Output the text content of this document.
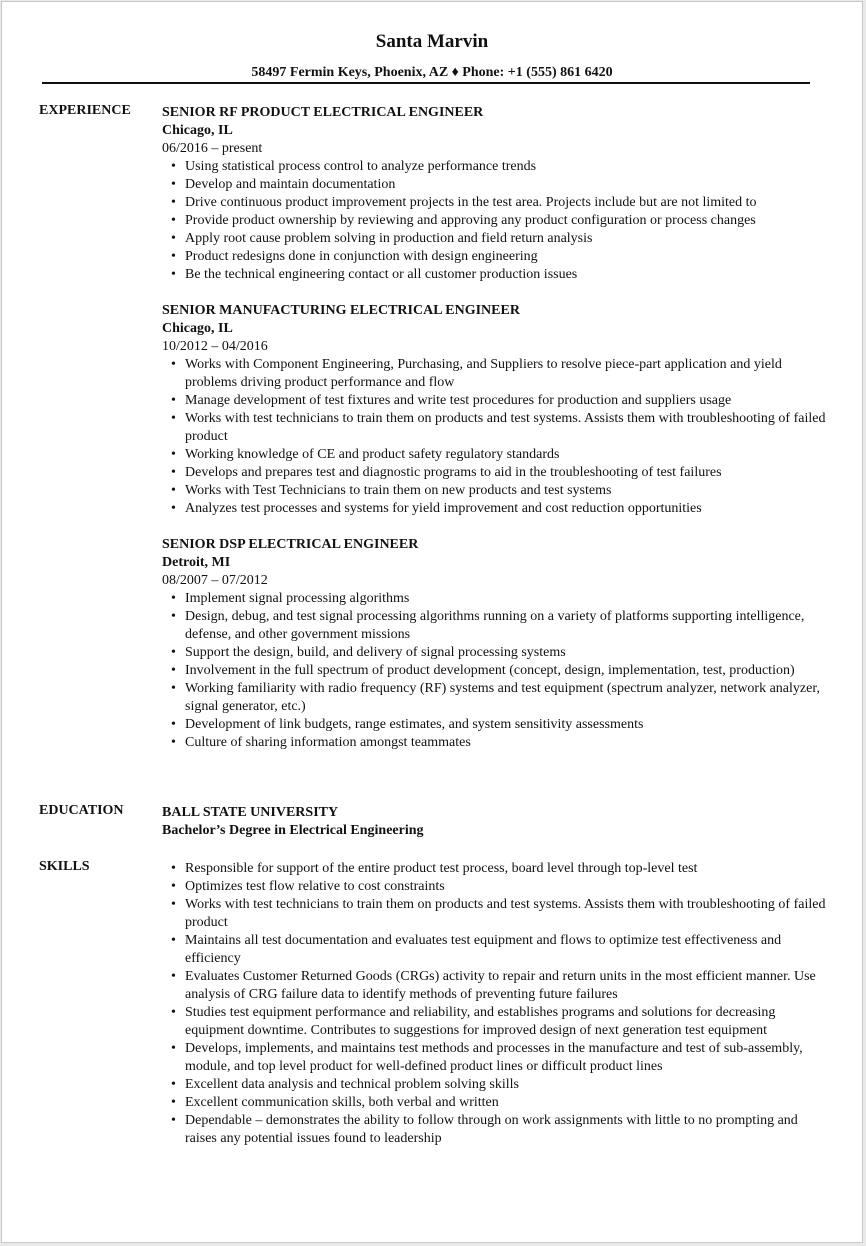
Santa Marvin
58497 Fermin Keys, Phoenix, AZ ♦ Phone: +1 (555) 861 6420
EXPERIENCE SENIOR RF PRODUCT ELECTRICAL ENGINEER

Chicago, IL

06/2016 – present

• Using statistical process control to analyze performance trends
• Develop and maintain documentation
• Drive continuous product improvement projects in the test area. Projects include but are not limited to
• Provide product ownership by reviewing and approving any product configuration or process changes
• Apply root cause problem solving in production and field return analysis
• Product redesigns done in conjunction with design engineering
• Be the technical engineering contact or all customer production issues

SENIOR MANUFACTURING ELECTRICAL ENGINEER

Chicago, IL

10/2012 – 04/2016

• Works with Component Engineering, Purchasing, and Suppliers to resolve piece-part application and yield problems driving product performance and flow
• Manage development of test fixtures and write test procedures for production and suppliers usage
• Works with test technicians to train them on products and test systems. Assists them with troubleshooting of failed product
• Working knowledge of CE and product safety regulatory standards
• Develops and prepares test and diagnostic programs to aid in the troubleshooting of test failures
• Works with Test Technicians to train them on new products and test systems
• Analyzes test processes and systems for yield improvement and cost reduction opportunities

SENIOR DSP ELECTRICAL ENGINEER

Detroit, MI

08/2007 – 07/2012

• Implement signal processing algorithms
• Design, debug, and test signal processing algorithms running on a variety of platforms supporting intelligence, defense, and other government missions
• Support the design, build, and delivery of signal processing systems
• Involvement in the full spectrum of product development (concept, design, implementation, test, production)
• Working familiarity with radio frequency (RF) systems and test equipment (spectrum analyzer, network analyzer, signal generator, etc.)
• Development of link budgets, range estimates, and system sensitivity assessments
• Culture of sharing information amongst teammates
EDUCATION	BALL STATE UNIVERSITY

Bachelor’s Degree in Electrical Engineering

SKILLS
•	Responsible for support of the entire product test process, board level through top-level test
• Optimizes test flow relative to cost constraints
• Works with test technicians to train them on products and test systems. Assists them with troubleshooting of failed product
• Maintains all test documentation and evaluates test equipment and flows to optimize test effectiveness and efficiency
• Evaluates Customer Returned Goods (CRGs) activity to repair and return units in the most efficient manner. Use analysis of CRG failure data to identify methods of preventing future failures
• Studies test equipment performance and reliability, and establishes programs and solutions for decreasing equipment downtime. Contributes to suggestions for improved design of next generation test equipment
• Develops, implements, and maintains test methods and processes in the manufacture and test of sub-assembly, module, and top level product for well-defined product lines or difficult product lines
• Excellent data analysis and technical problem solving skills
• Excellent communication skills, both verbal and written
• Dependable – demonstrates the ability to follow through on work assignments with little to no prompting and raises any potential issues found to leadership
